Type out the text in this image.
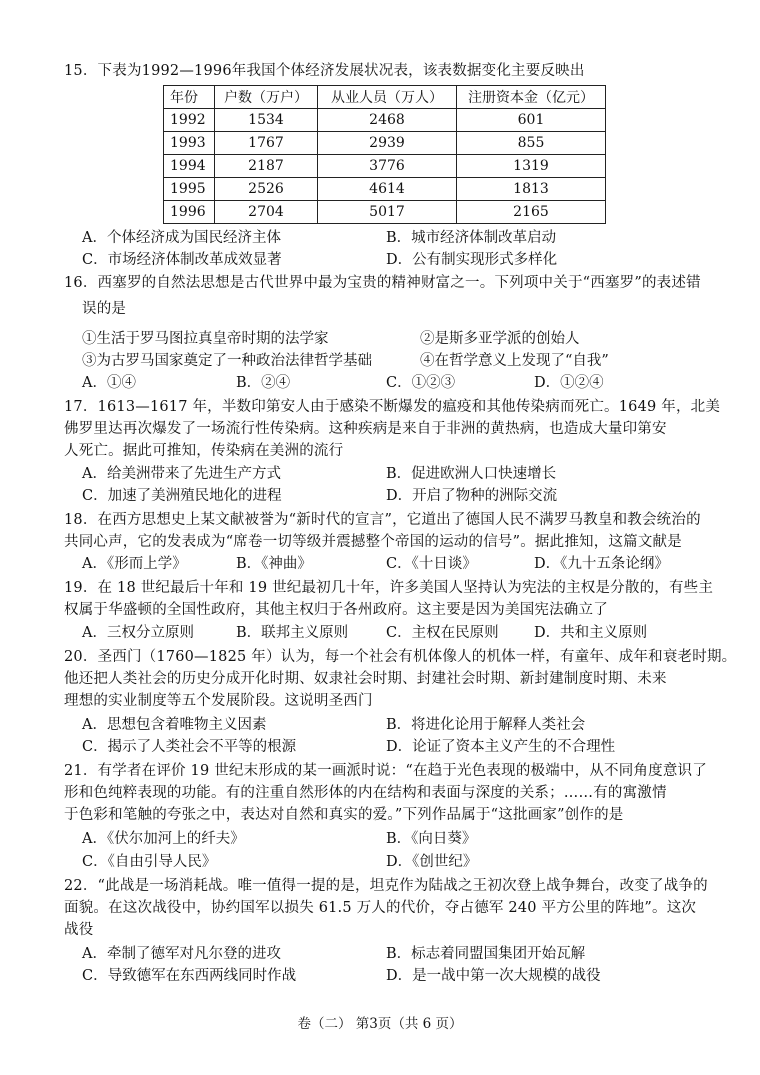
15．下表为1992—1996年我国个体经济发展状况表，该表数据变化主要反映出
年份	户数（万户）	从业人员（万人）	注册资本金（亿元）
1992	1534	2468	601
1993	1767	2939	855
1994	2187	3776	1319
1995	2526	4614	1813
1996	2704	5017	2165
A．个体经济成为国民经济主体	B．城市经济体制改革启动
C．市场经济体制改革成效显著	D．公有制实现形式多样化
16．西塞罗的自然法思想是古代世界中最为宝贵的精神财富之一。下列项中关于“西塞罗”的表述错
误的是
①生活于罗马图拉真皇帝时期的法学家	②是斯多亚学派的创始人
③为古罗马国家奠定了一种政治法律哲学基础	④在哲学意义上发现了“自我”
A．①④	B．②④	C．①②③	D．①②④
17．1613—1617 年，半数印第安人由于感染不断爆发的瘟疫和其他传染病而死亡。1649 年，北美
佛罗里达再次爆发了一场流行性传染病。这种疾病是来自于非洲的黄热病，也造成大量印第安
人死亡。据此可推知，传染病在美洲的流行
A．给美洲带来了先进生产方式	B．促进欧洲人口快速增长
C．加速了美洲殖民地化的进程	D．开启了物种的洲际交流
18．在西方思想史上某文献被誉为“新时代的宣言”，它道出了德国人民不满罗马教皇和教会统治的
共同心声，它的发表成为“席卷一切等级并震撼整个帝国的运动的信号”。据此推知，这篇文献是
A．《形而上学》	B．《神曲》	C．《十日谈》	D．《九十五条论纲》
19．在 18 世纪最后十年和 19 世纪最初几十年，许多美国人坚持认为宪法的主权是分散的，有些主
权属于华盛顿的全国性政府，其他主权归于各州政府。这主要是因为美国宪法确立了
A．三权分立原则	B．联邦主义原则	C．主权在民原则 D．共和主义原则
20．圣西门（1760—1825 年）认为，每一个社会有机体像人的机体一样，有童年、成年和衰老时期。
他还把人类社会的历史分成开化时期、奴隶社会时期、封建社会时期、新封建制度时期、未来
理想的实业制度等五个发展阶段。这说明圣西门
A．思想包含着唯物主义因素	B．将进化论用于解释人类社会
C．揭示了人类社会不平等的根源	D．论证了资本主义产生的不合理性
21．有学者在评价 19 世纪末形成的某一画派时说：“在趋于光色表现的极端中，从不同角度意识了
形和色纯粹表现的功能。有的注重自然形体的内在结构和表面与深度的关系；……有的寓激情
于色彩和笔触的夸张之中，表达对自然和真实的爱。”下列作品属于“这批画家”创作的是
A．《伏尔加河上的纤夫》	B．《向日葵》
C．《自由引导人民》	D．《创世纪》
22．“此战是一场消耗战。唯一值得一提的是，坦克作为陆战之王初次登上战争舞台，改变了战争的
面貌。在这次战役中，协约国军以损失 61.5 万人的代价，夺占德军 240 平方公里的阵地”。这次
战役
A．牵制了德军对凡尔登的进攻	B．标志着同盟国集团开始瓦解
C．导致德军在东西两线同时作战	D．是一战中第一次大规模的战役
卷（二） 第3页（共 6 页）
